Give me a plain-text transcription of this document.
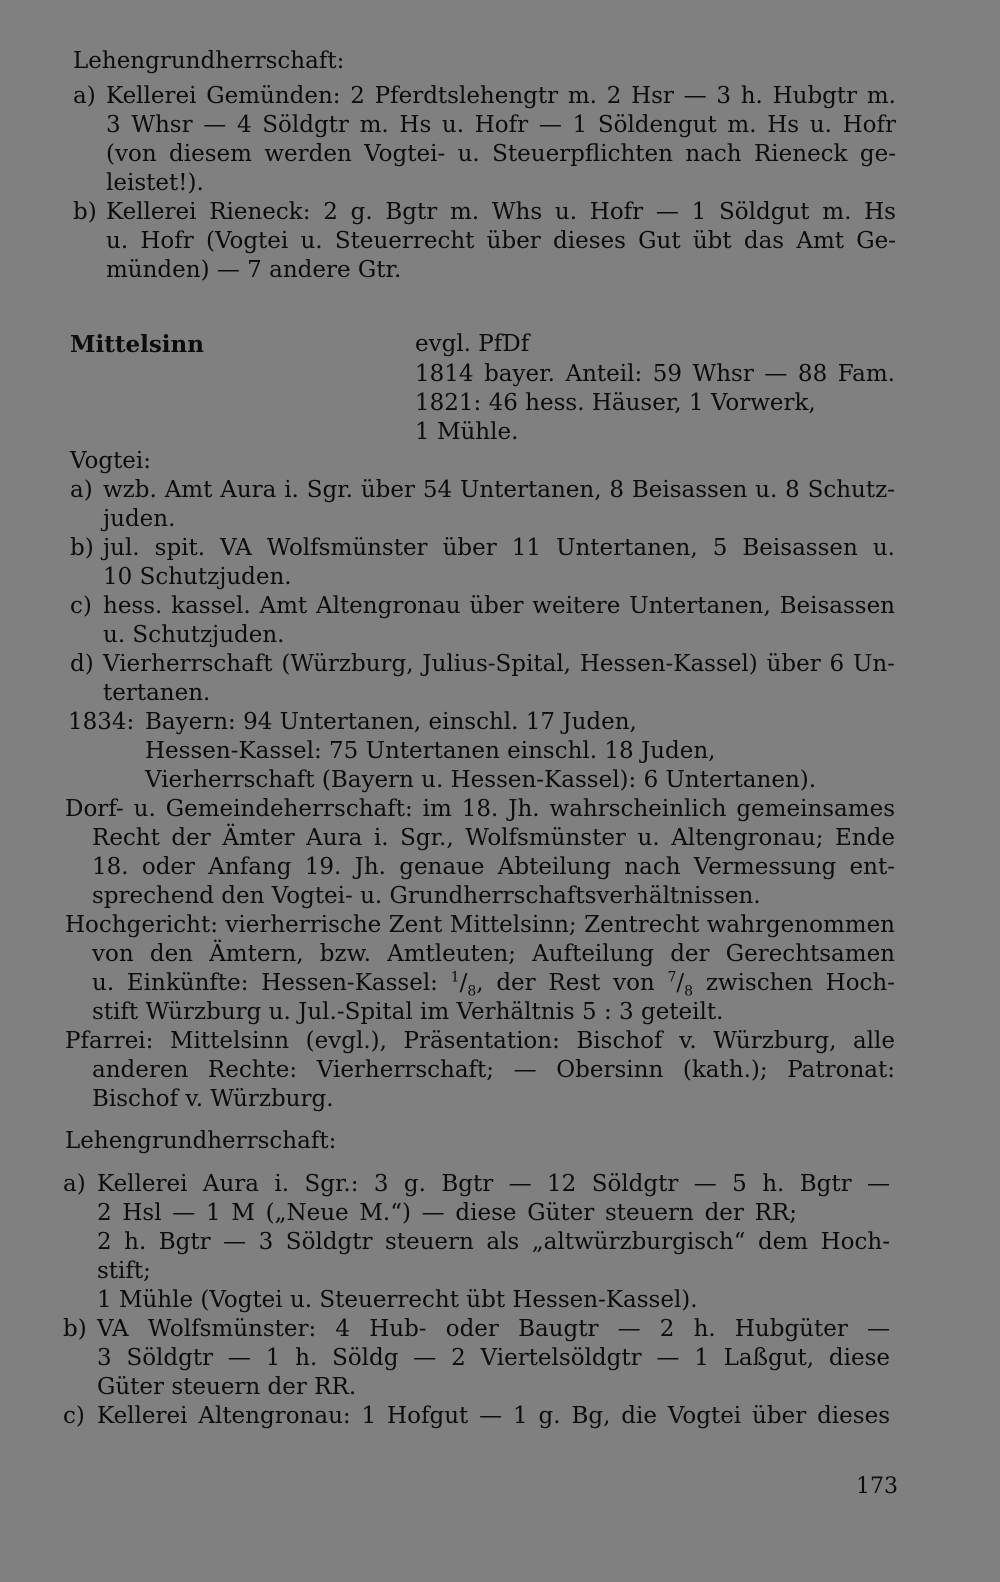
Lehengrundherrschaft:
a) Kellerei Gemünden: 2 Pferdtslehengtr m. 2 Hsr — 3 h. Hubgtr m.
3 Whsr — 4 Söldgtr m. Hs u. Hofr — 1 Söldengut m. Hs u. Hofr
(von diesem werden Vogtei- u. Steuerpflichten nach Rieneck ge-
leistet!).
b) Kellerei Rieneck: 2 g. Bgtr m. Whs u. Hofr — 1 Söldgut m. Hs
u. Hofr (Vogtei u. Steuerrecht über dieses Gut übt das Amt Ge-
münden) — 7 andere Gtr.
Mittelsinn	evgl. PfDf
1814 bayer. Anteil: 59 Whsr — 88 Fam.
1821: 46 hess. Häuser, 1 Vorwerk,
1 Mühle.
Vogtei:
a) wzb. Amt Aura i. Sgr. über 54 Untertanen, 8 Beisassen u. 8 Schutz-
juden.
b) jul. spit. VA Wolfsmünster über 11 Untertanen, 5 Beisassen u.
10 Schutzjuden.
c) hess. kassel. Amt Altengronau über weitere Untertanen, Beisassen
u. Schutzjuden.
d) Vierherrschaft (Würzburg, Julius-Spital, Hessen-Kassel) über 6 Un-
tertanen.
1834: Bayern: 94 Untertanen, einschl. 17 Juden,
Hessen-Kassel: 75 Untertanen einschl. 18 Juden,
Vierherrschaft (Bayern u. Hessen-Kassel): 6 Untertanen).
Dorf- u. Gemeindeherrschaft: im 18. Jh. wahrscheinlich gemeinsames
Recht der Ämter Aura i. Sgr., Wolfsmünster u. Altengronau; Ende
18. oder Anfang 19. Jh. genaue Abteilung nach Vermessung ent-
sprechend den Vogtei- u. Grundherrschaftsverhältnissen.
Hochgericht: vierherrische Zent Mittelsinn; Zentrecht wahrgenommen
von den Ämtern, bzw. Amtleuten; Aufteilung der Gerechtsamen
u. Einkünfte: Hessen-Kassel: $^1/_8$, der Rest von $^7/_8$ zwischen Hoch-
stift Würzburg u. Jul.-Spital im Verhältnis 5 : 3 geteilt.
Pfarrei: Mittelsinn (evgl.), Präsentation: Bischof v. Würzburg, alle
anderen Rechte: Vierherrschaft; — Obersinn (kath.); Patronat:
Bischof v. Würzburg.
Lehengrundherrschaft:
a) Kellerei Aura i. Sgr.: 3 g. Bgtr — 12 Söldgtr — 5 h. Bgtr —
2 Hsl — 1 M („Neue M.“) — diese Güter steuern der RR;
2 h. Bgtr — 3 Söldgtr steuern als „altwürzburgisch“ dem Hoch-
stift;
1 Mühle (Vogtei u. Steuerrecht übt Hessen-Kassel).
b) VA Wolfsmünster: 4 Hub- oder Baugtr — 2 h. Hubgüter —
3 Söldgtr — 1 h. Söldg — 2 Viertelsöldgtr — 1 Laßgut, diese
Güter steuern der RR.
c) Kellerei Altengronau: 1 Hofgut — 1 g. Bg, die Vogtei über dieses
173
